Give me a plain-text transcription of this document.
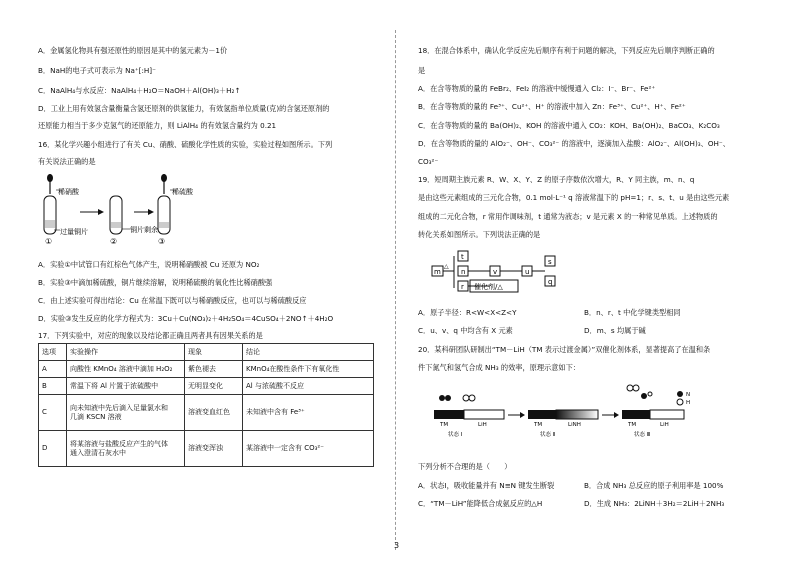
A．金属氢化物具有强还原性的原因是其中的氢元素为－1价
B．NaH的电子式可表示为 Na⁺[:H]⁻
C．NaAlH₄与水反应：NaAlH₄＋H₂O＝NaOH＋Al(OH)₃＋H₂↑
D．工业上用有效氢含量衡量含氢还原剂的供氢能力，有效氢指单位质量(克)的含氢还原剂的
还原能力相当于多少克氢气的还原能力，则 LiAlH₄ 的有效氢含量约为 0.21
16．某化学兴趣小组进行了有关 Cu、硝酸、硫酸化学性质的实验，实验过程如图所示。下列
有关说法正确的是
稀硝酸
①
过量铜片
②
铜片剩余
稀硫酸
③
A．实验①中试管口有红棕色气体产生，说明稀硝酸被 Cu 还原为 NO₂
B．实验③中滴加稀硫酸，铜片继续溶解，说明稀硫酸的氧化性比稀硝酸强
C．由上述实验可得出结论：Cu 在常温下既可以与稀硝酸反应，也可以与稀硫酸反应
D．实验③发生反应的化学方程式为：3Cu＋Cu(NO₃)₂＋4H₂SO₄＝4CuSO₄＋2NO↑＋4H₂O
17．下列实验中，对应的现象以及结论都正确且两者具有因果关系的是
选项	实验操作	现象	结论
A	向酸性 KMnO₄ 溶液中滴加 H₂O₂	紫色褪去	KMnO₄在酸性条件下有氧化性
B	常温下将 Al 片置于浓硫酸中	无明显变化	Al 与浓硫酸不反应
C	向未知液中先后滴入足量氯水和
几滴 KSCN 溶液	溶液变血红色	未知液中含有 Fe³⁺
D	将某溶液与盐酸反应产生的气体
通入澄清石灰水中	溶液变浑浊	某溶液中一定含有 CO₃²⁻
18．在混合体系中，确认化学反应先后顺序有利于问题的解决，下列反应先后顺序判断正确的
是
A．在含等物质的量的 FeBr₂、FeI₂ 的溶液中缓慢通入 Cl₂：I⁻、Br⁻、Fe²⁺
B．在含等物质的量的 Fe³⁺、Cu²⁺、H⁺ 的溶液中加入 Zn：Fe³⁺、Cu²⁺、H⁺、Fe²⁺
C．在含等物质的量的 Ba(OH)₂、KOH 的溶液中通入 CO₂：KOH、Ba(OH)₂、BaCO₃、K₂CO₃
D．在含等物质的量的 AlO₂⁻、OH⁻、CO₃²⁻ 的溶液中，逐滴加入盐酸：AlO₂⁻、Al(OH)₃、OH⁻、
CO₃²⁻
19．短周期主族元素 R、W、X、Y、Z 的原子序数依次增大，R、Y 同主族，m、n、q
是由这些元素组成的三元化合物，0.1 mol·L⁻¹ q 溶液常温下的 pH=1；r、s、t、u 是由这些元素
组成的二元化合物，r 常用作调味剂，t 通常为液态；v 是元素 X 的一种常见单质。上述物质的
转化关系如图所示。下列说法正确的是
m
△
t
n
r
v	u
s
q
催化剂/△
A．原子半径：R<W<X<Z<Y	B．n、r、t 中化学键类型相同
C．u、v、q 中均含有 X 元素	D．m、s 均属于碱
20．某科研团队研制出“TM－LiH（TM 表示过渡金属）”双催化剂体系，显著提高了在温和条
件下氮气和氢气合成 NH₃ 的效率，原理示意如下：
TM	LiH
状态 Ⅰ
TM	LiNH
状态 Ⅱ
TM	LiH
状态 Ⅲ
N
H
下列分析不合理的是（　　）
A．状态Ⅰ，吸收能量并有 N≡N 键发生断裂	B．合成 NH₃ 总反应的原子利用率是 100%
C．“TM－LiH”能降低合成氨反应的△H	D．生成 NH₃：2LiNH＋3H₂＝2LiH＋2NH₃
3
